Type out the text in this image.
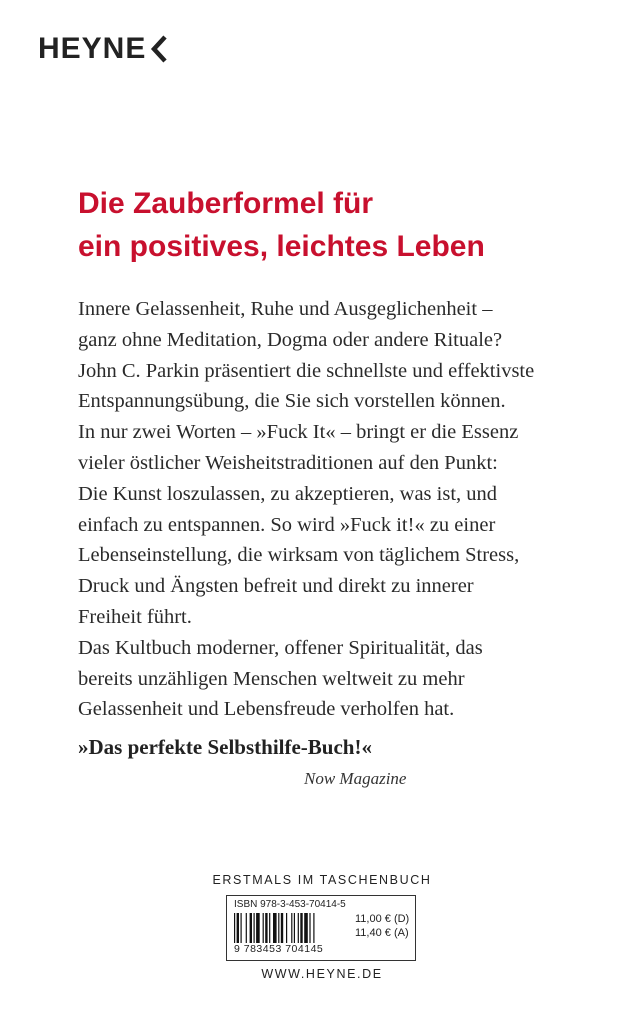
HEYNE
Die Zauberformel für
ein positives, leichtes Leben
Innere Gelassenheit, Ruhe und Ausgeglichenheit –
ganz ohne Meditation, Dogma oder andere Rituale?
John C. Parkin präsentiert die schnellste und effektivste
Entspannungsübung, die Sie sich vorstellen können.
In nur zwei Worten – »Fuck It« – bringt er die Essenz
vieler östlicher Weisheitstraditionen auf den Punkt:
Die Kunst loszulassen, zu akzeptieren, was ist, und
einfach zu entspannen. So wird »Fuck it!« zu einer
Lebenseinstellung, die wirksam von täglichem Stress,
Druck und Ängsten befreit und direkt zu innerer
Freiheit führt.
Das Kultbuch moderner, offener Spiritualität, das
bereits unzähligen Menschen weltweit zu mehr
Gelassenheit und Lebensfreude verholfen hat.
»Das perfekte Selbsthilfe-Buch!«
Now Magazine
ERSTMALS IM TASCHENBUCH
ISBN 978-3-453-70414-5
9 783453 704145
11,00 € (D)
11,40 € (A)
WWW.HEYNE.DE
